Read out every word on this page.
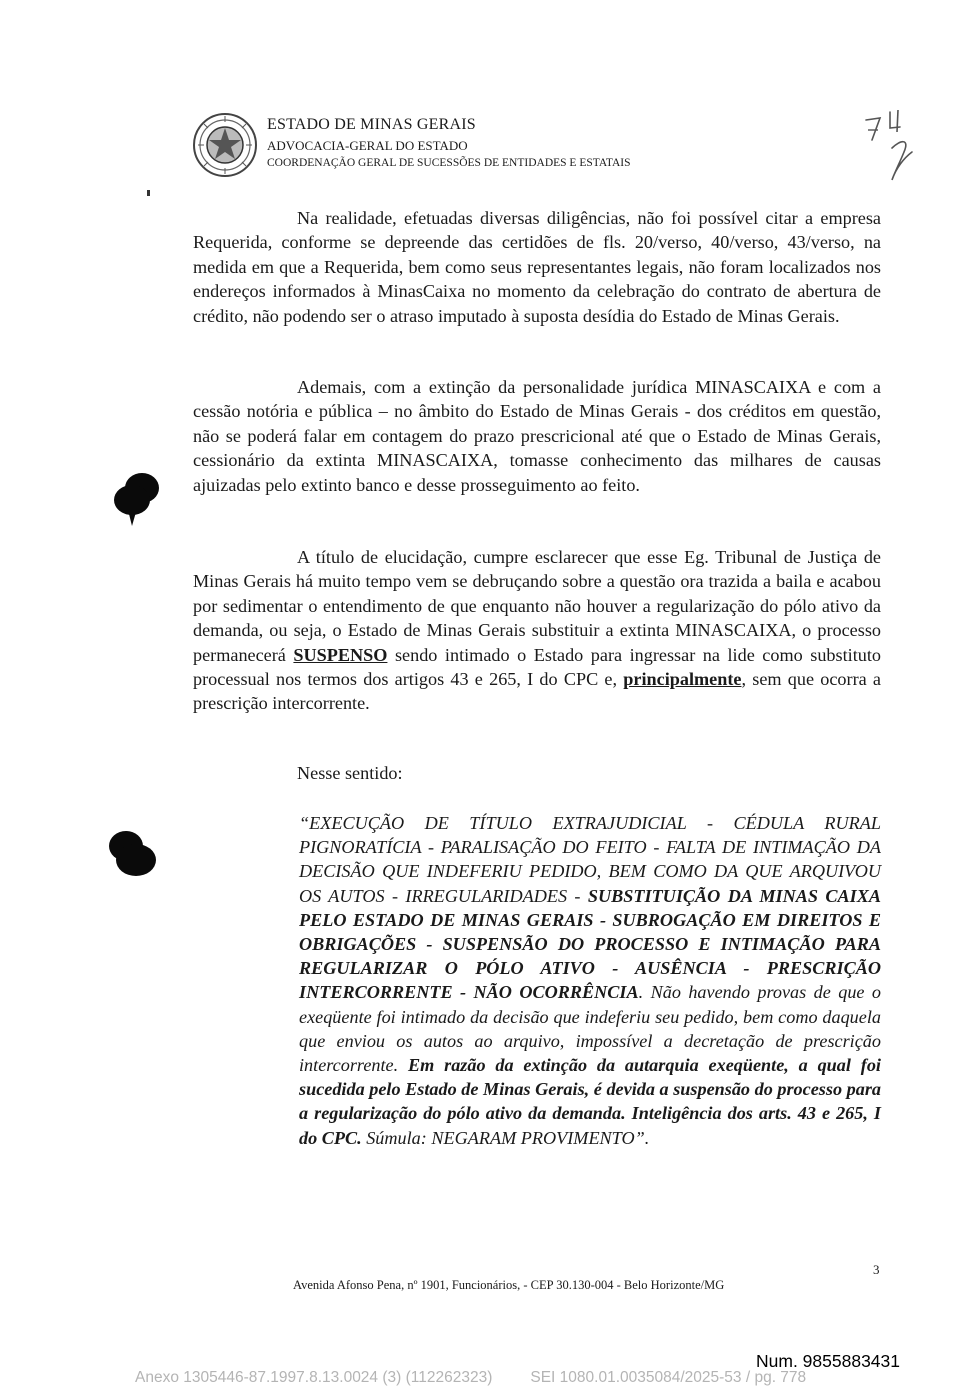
ESTADO DE MINAS GERAIS
ADVOCACIA-GERAL DO ESTADO
COORDENAÇÃO GERAL DE SUCESSÕES DE ENTIDADES E ESTATAIS

Na realidade, efetuadas diversas diligências, não foi possível citar a empresa Requerida, conforme se depreende das certidões de fls. 20/verso, 40/verso, 43/verso, na medida em que a Requerida, bem como seus representantes legais, não foram localizados nos endereços informados à MinasCaixa no momento da celebração do contrato de abertura de crédito, não podendo ser o atraso imputado à suposta desídia do Estado de Minas Gerais.

Ademais, com a extinção da personalidade jurídica MINASCAIXA e com a cessão notória e pública – no âmbito do Estado de Minas Gerais - dos créditos em questão, não se poderá falar em contagem do prazo prescricional até que o Estado de Minas Gerais, cessionário da extinta MINASCAIXA, tomasse conhecimento das milhares de causas ajuizadas pelo extinto banco e desse prosseguimento ao feito.

A título de elucidação, cumpre esclarecer que esse Eg. Tribunal de Justiça de Minas Gerais há muito tempo vem se debruçando sobre a questão ora trazida a baila e acabou por sedimentar o entendimento de que enquanto não houver a regularização do pólo ativo da demanda, ou seja, o Estado de Minas Gerais substituir a extinta MINASCAIXA, o processo permanecerá SUSPENSO sendo intimado o Estado para ingressar na lide como substituto processual nos termos dos artigos 43 e 265, I do CPC e, principalmente, sem que ocorra a prescrição intercorrente.

Nesse sentido:

“EXECUÇÃO DE TÍTULO EXTRAJUDICIAL - CÉDULA RURAL PIGNORATÍCIA - PARALISAÇÃO DO FEITO - FALTA DE INTIMAÇÃO DA DECISÃO QUE INDEFERIU PEDIDO, BEM COMO DA QUE ARQUIVOU OS AUTOS - IRREGULARIDADES - SUBSTITUIÇÃO DA MINAS CAIXA PELO ESTADO DE MINAS GERAIS - SUBROGAÇÃO EM DIREITOS E OBRIGAÇÕES - SUSPENSÃO DO PROCESSO E INTIMAÇÃO PARA REGULARIZAR O PÓLO ATIVO - AUSÊNCIA - PRESCRIÇÃO INTERCORRENTE - NÃO OCORRÊNCIA. Não havendo provas de que o exeqüente foi intimado da decisão que indeferiu seu pedido, bem como daquela que enviou os autos ao arquivo, impossível a decretação de prescrição intercorrente. Em razão da extinção da autarquia exeqüente, a qual foi sucedida pelo Estado de Minas Gerais, é devida a suspensão do processo para a regularização do pólo ativo da demanda. Inteligência dos arts. 43 e 265, I do CPC. Súmula: NEGARAM PROVIMENTO”.

3
Avenida Afonso Pena, nº 1901, Funcionários, - CEP 30.130-004 - Belo Horizonte/MG
Num. 9855883431
Anexo 1305446-87.1997.8.13.0024 (3) (112262323) SEI 1080.01.0035084/2025-53 / pg. 778
